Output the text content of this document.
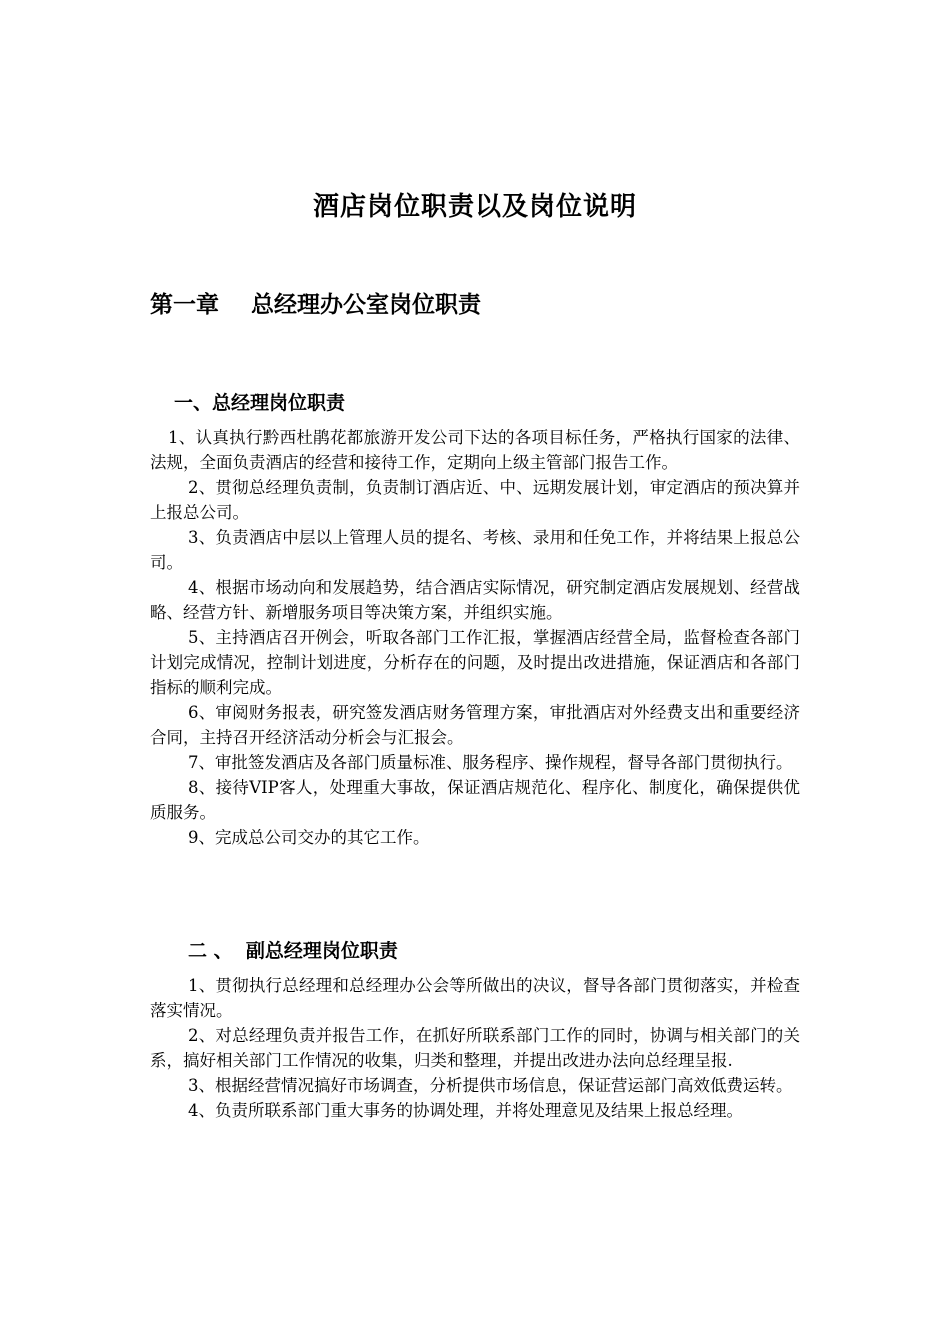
酒店岗位职责以及岗位说明
第一章    总经理办公室岗位职责
一、总经理岗位职责

1、认真执行黔西杜鹃花都旅游开发公司下达的各项目标任务，严格执行国家的法律、法规，全面负责酒店的经营和接待工作，定期向上级主管部门报告工作。

2、贯彻总经理负责制，负责制订酒店近、中、远期发展计划，审定酒店的预决算并上报总公司。

3、负责酒店中层以上管理人员的提名、考核、录用和任免工作，并将结果上报总公司。

4、根据市场动向和发展趋势，结合酒店实际情况，研究制定酒店发展规划、经营战略、经营方针、新增服务项目等决策方案，并组织实施。

5、主持酒店召开例会，听取各部门工作汇报，掌握酒店经营全局，监督检查各部门计划完成情况，控制计划进度，分析存在的问题，及时提出改进措施，保证酒店和各部门指标的顺利完成。

6、审阅财务报表，研究签发酒店财务管理方案，审批酒店对外经费支出和重要经济合同，主持召开经济活动分析会与汇报会。

7、审批签发酒店及各部门质量标准、服务程序、操作规程，督导各部门贯彻执行。

8、接待VIP客人，处理重大事故，保证酒店规范化、程序化、制度化，确保提供优质服务。

9、完成总公司交办的其它工作。

二 、  副总经理岗位职责

1、贯彻执行总经理和总经理办公会等所做出的决议，督导各部门贯彻落实，并检查落实情况。

2、对总经理负责并报告工作，在抓好所联系部门工作的同时，协调与相关部门的关系，搞好相关部门工作情况的收集，归类和整理，并提出改进办法向总经理呈报.

3、根据经营情况搞好市场调查，分析提供市场信息，保证营运部门高效低费运转。

4、负责所联系部门重大事务的协调处理，并将处理意见及结果上报总经理。
